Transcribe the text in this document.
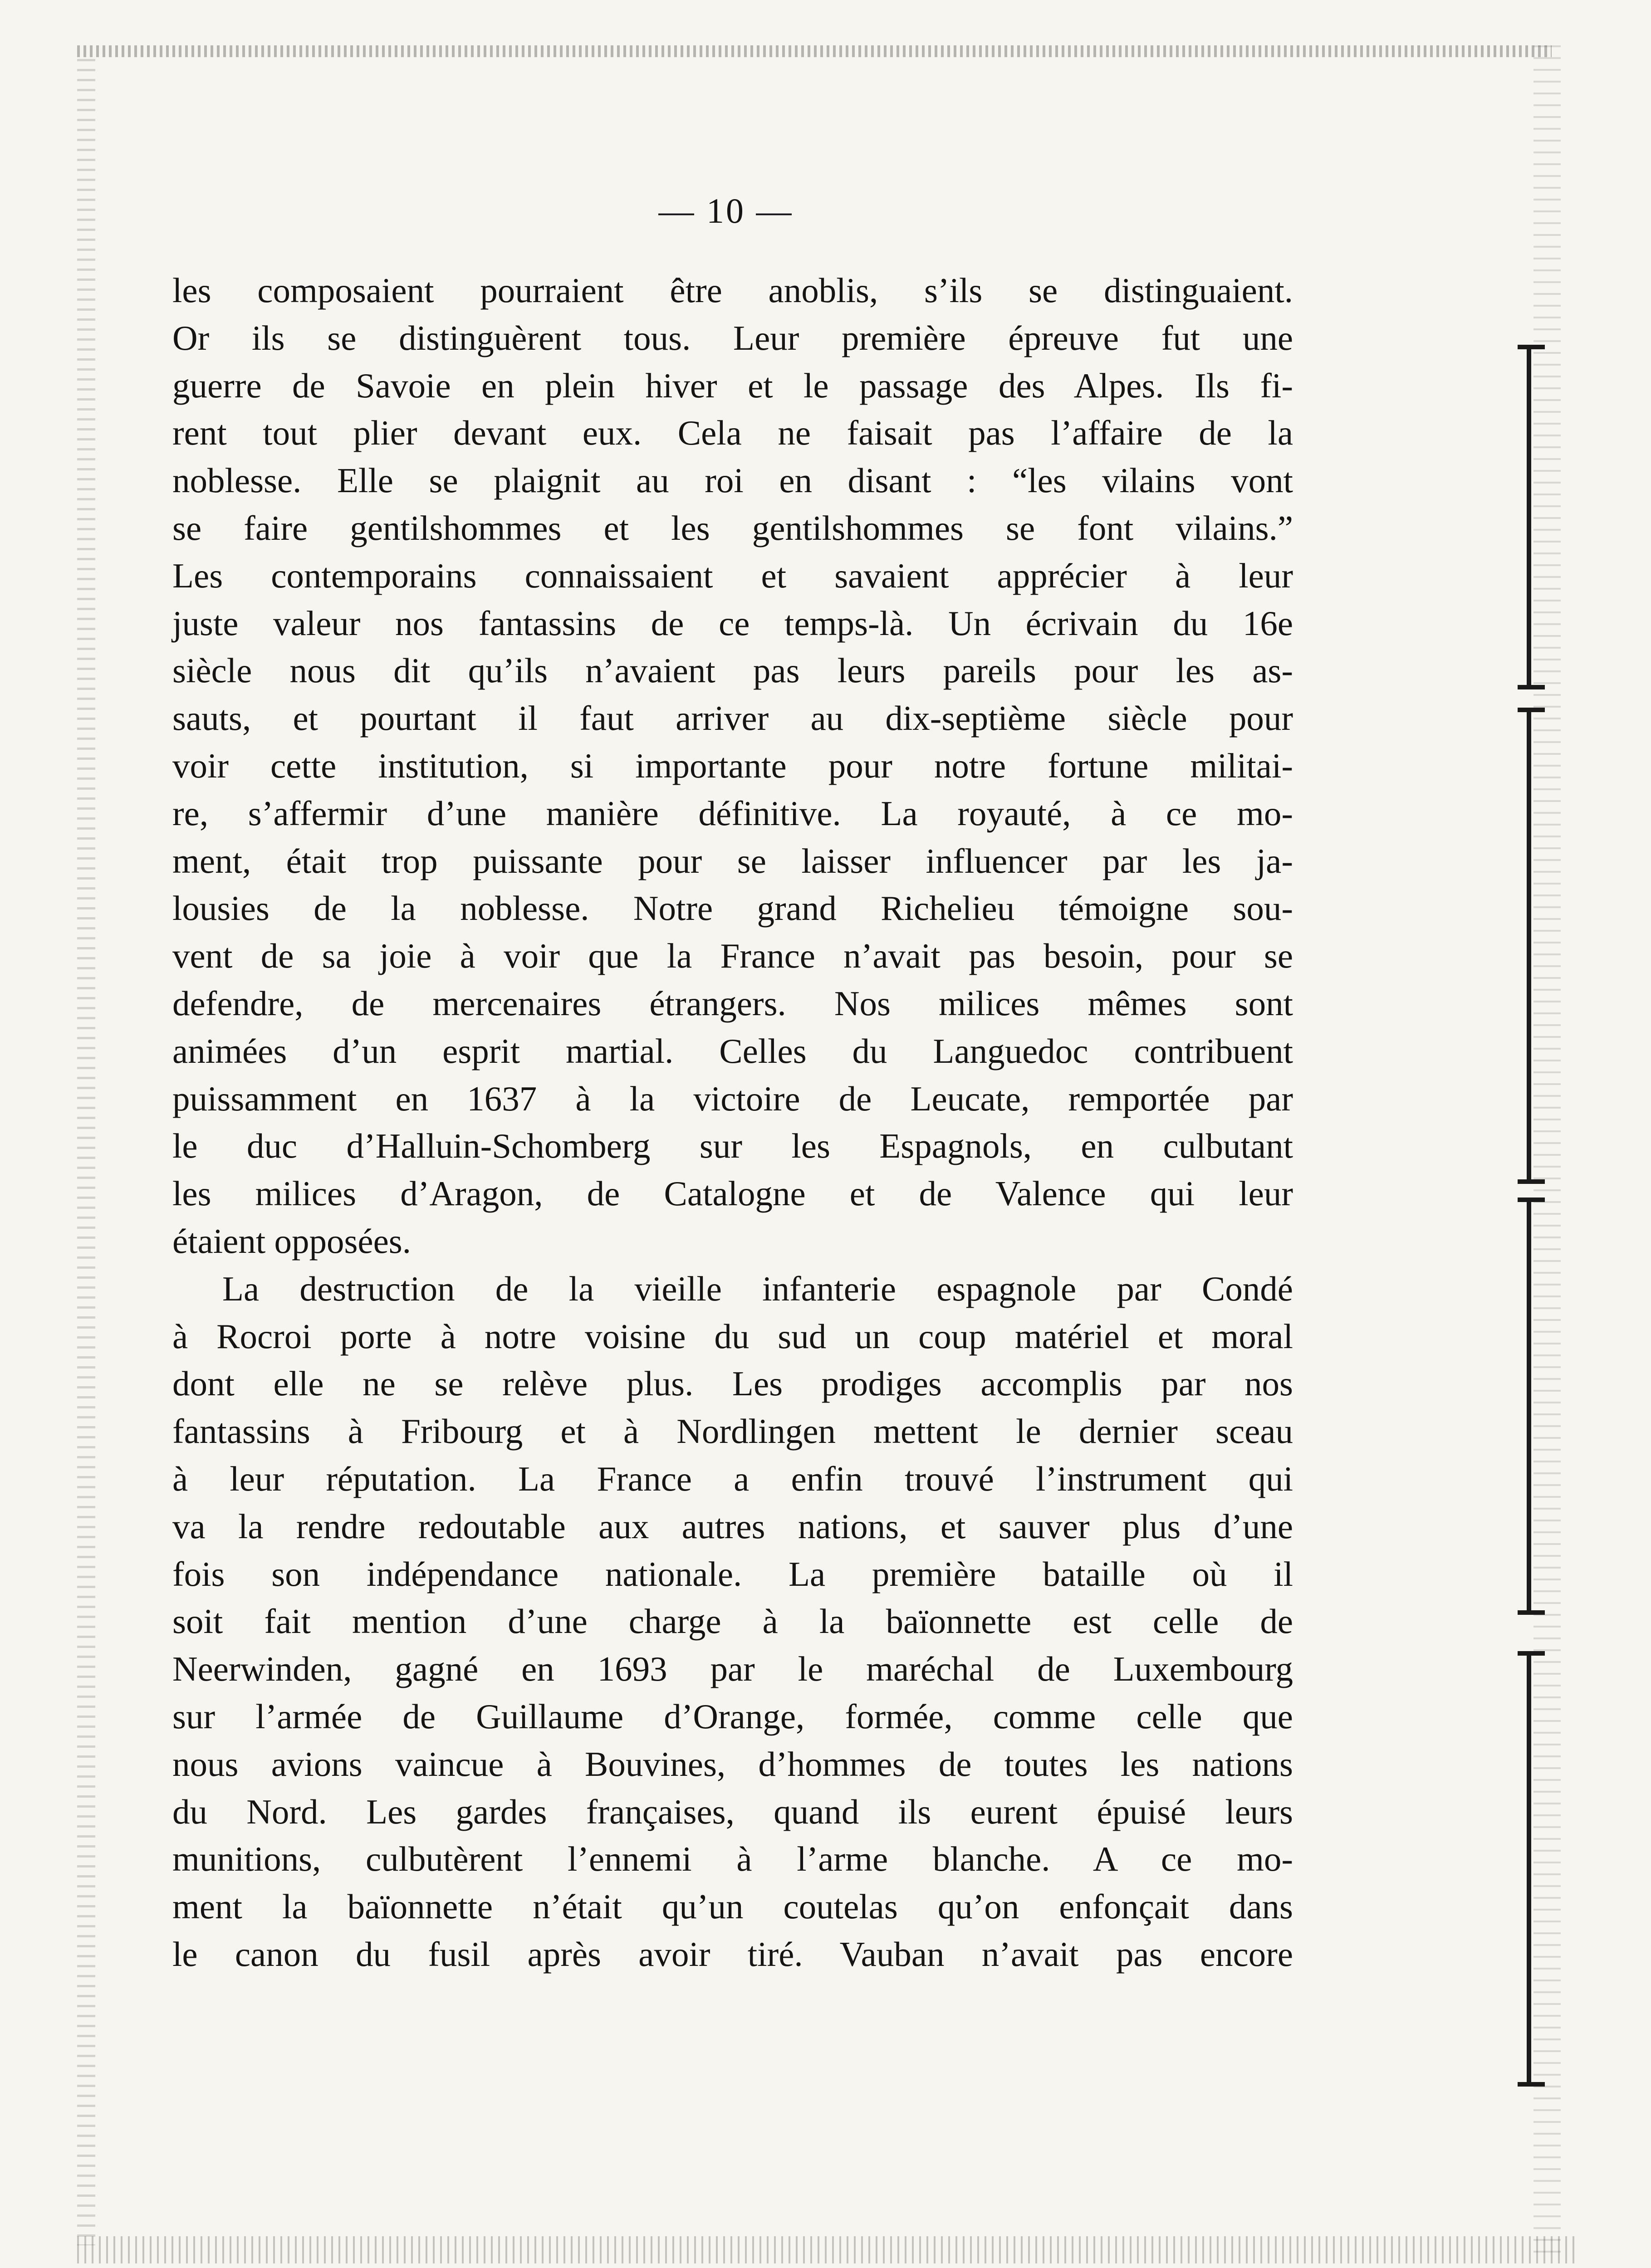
— 10 —
les composaient pourraient être anoblis, s’ils se distinguaient.
Or ils se distinguèrent tous. Leur première épreuve fut une
guerre de Savoie en plein hiver et le passage des Alpes. Ils fi-
rent tout plier devant eux. Cela ne faisait pas l’affaire de la
noblesse. Elle se plaignit au roi en disant : “les vilains vont
se faire gentilshommes et les gentilshommes se font vilains.”
Les contemporains connaissaient et savaient apprécier à leur
juste valeur nos fantassins de ce temps-là. Un écrivain du 16e
siècle nous dit qu’ils n’avaient pas leurs pareils pour les as-
sauts, et pourtant il faut arriver au dix-septième siècle pour
voir cette institution, si importante pour notre fortune militai-
re, s’affermir d’une manière définitive. La royauté, à ce mo-
ment, était trop puissante pour se laisser influencer par les ja-
lousies de la noblesse. Notre grand Richelieu témoigne sou-
vent de sa joie à voir que la France n’avait pas besoin, pour se
defendre, de mercenaires étrangers. Nos milices mêmes sont
animées d’un esprit martial. Celles du Languedoc contribuent
puissamment en 1637 à la victoire de Leucate, remportée par
le duc d’Halluin-Schomberg sur les Espagnols, en culbutant
les milices d’Aragon, de Catalogne et de Valence qui leur
étaient opposées.
La destruction de la vieille infanterie espagnole par Condé
à Rocroi porte à notre voisine du sud un coup matériel et moral
dont elle ne se relève plus. Les prodiges accomplis par nos
fantassins à Fribourg et à Nordlingen mettent le dernier sceau
à leur réputation. La France a enfin trouvé l’instrument qui
va la rendre redoutable aux autres nations, et sauver plus d’une
fois son indépendance nationale. La première bataille où il
soit fait mention d’une charge à la baïonnette est celle de
Neerwinden, gagné en 1693 par le maréchal de Luxembourg
sur l’armée de Guillaume d’Orange, formée, comme celle que
nous avions vaincue à Bouvines, d’hommes de toutes les nations
du Nord. Les gardes françaises, quand ils eurent épuisé leurs
munitions, culbutèrent l’ennemi à l’arme blanche. A ce mo-
ment la baïonnette n’était qu’un coutelas qu’on enfonçait dans
le canon du fusil après avoir tiré. Vauban n’avait pas encore
